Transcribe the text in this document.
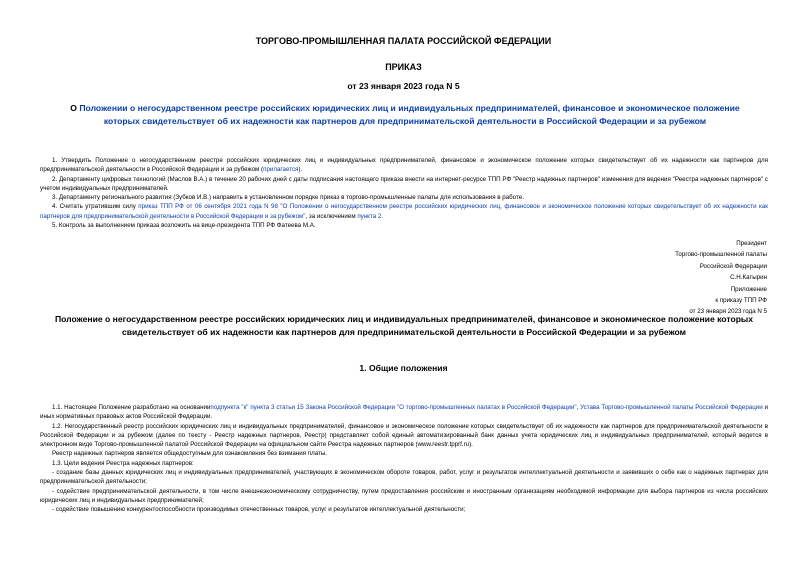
ТОРГОВО-ПРОМЫШЛЕННАЯ ПАЛАТА РОССИЙСКОЙ ФЕДЕРАЦИИ
ПРИКАЗ
от 23 января 2023 года N 5
О Положении о негосударственном реестре российских юридических лиц и индивидуальных предпринимателей, финансовое и экономическое положение которых свидетельствует об их надежности как партнеров для предпринимательской деятельности в Российской Федерации и за рубежом

1. Утвердить Положение о негосударственном реестре российских юридических лиц и индивидуальных предпринимателей, финансовое и экономическое положение которых свидетельствует об их надежности как партнеров для предпринимательской деятельности в Российской Федерации и за рубежом (прилагается).

2. Департаменту цифровых технологий (Маслов В.А.) в течение 20 рабочих дней с даты подписания настоящего приказа внести на интернет-ресурсе ТПП РФ "Реестр надежных партнеров" изменения для ведения "Реестра надежных партнеров" с учетом индивидуальных предпринимателей.

3. Департаменту регионального развития (Зубков И.В.) направить в установленном порядке приказ в торгово-промышленные палаты для использования в работе.

4. Считать утратившим силу приказ ТПП РФ от 06 сентября 2021 года N 98 "О Положении о негосударственном реестре российских юридических лиц, финансовое и экономическое положение которых свидетельствует об их надежности как партнеров для предпринимательской деятельности в Российской Федерации и за рубежом", за исключением пункта 2.

5. Контроль за выполнением приказа возложить на вице-президента ТПП РФ Фатеева М.А.

Президент
Торгово-промышленной палаты
Российской Федерации
С.Н.Катырин
Приложение
к приказу ТПП РФ
от 23 января 2023 года N 5
Положение о негосударственном реестре российских юридических лиц и индивидуальных предпринимателей, финансовое и экономическое положение которых свидетельствует об их надежности как партнеров для предпринимательской деятельности в Российской Федерации и за рубежом
1. Общие положения

1.1. Настоящее Положение разработано на основанииподпункта "к" пункта 3 статьи 15 Закона Российской Федерации "О торгово-промышленных палатах в Российской Федерации", Устава Торгово-промышленной палаты Российской Федерации и иных нормативных правовых актов Российской Федерации.

1.2. Негосударственный реестр российских юридических лиц и индивидуальных предпринимателей, финансовое и экономическое положение которых свидетельствует об их надежности как партнеров для предпринимательской деятельности в Российской Федерации и за рубежом (далее по тексту - Реестр надежных партнеров, Реестр) представляет собой единый автоматизированный банк данных учета юридических лиц и индивидуальных предпринимателей, который ведется в электронном виде Торгово-промышленной палатой Российской Федерации на официальном сайте Реестра надежных партнеров (www.reestr.tpprf.ru).

Реестр надежных партнеров является общедоступным для ознакомления без взимания платы.

1.3. Цели ведения Реестра надежных партнеров:

- создание базы данных юридических лиц и индивидуальных предпринимателей, участвующих в экономическом обороте товаров, работ, услуг и результатов интеллектуальной деятельности и заявивших о себе как о надежных партнерах для предпринимательской деятельности;

- содействие предпринимательской деятельности, в том числе внешнеэкономическому сотрудничеству, путем предоставления российским и иностранным организациям необходимой информации для выбора партнеров из числа российских юридических лиц и индивидуальных предпринимателей;

- содействие повышению конкурентоспособности производимых отечественных товаров, услуг и результатов интеллектуальной деятельности;
